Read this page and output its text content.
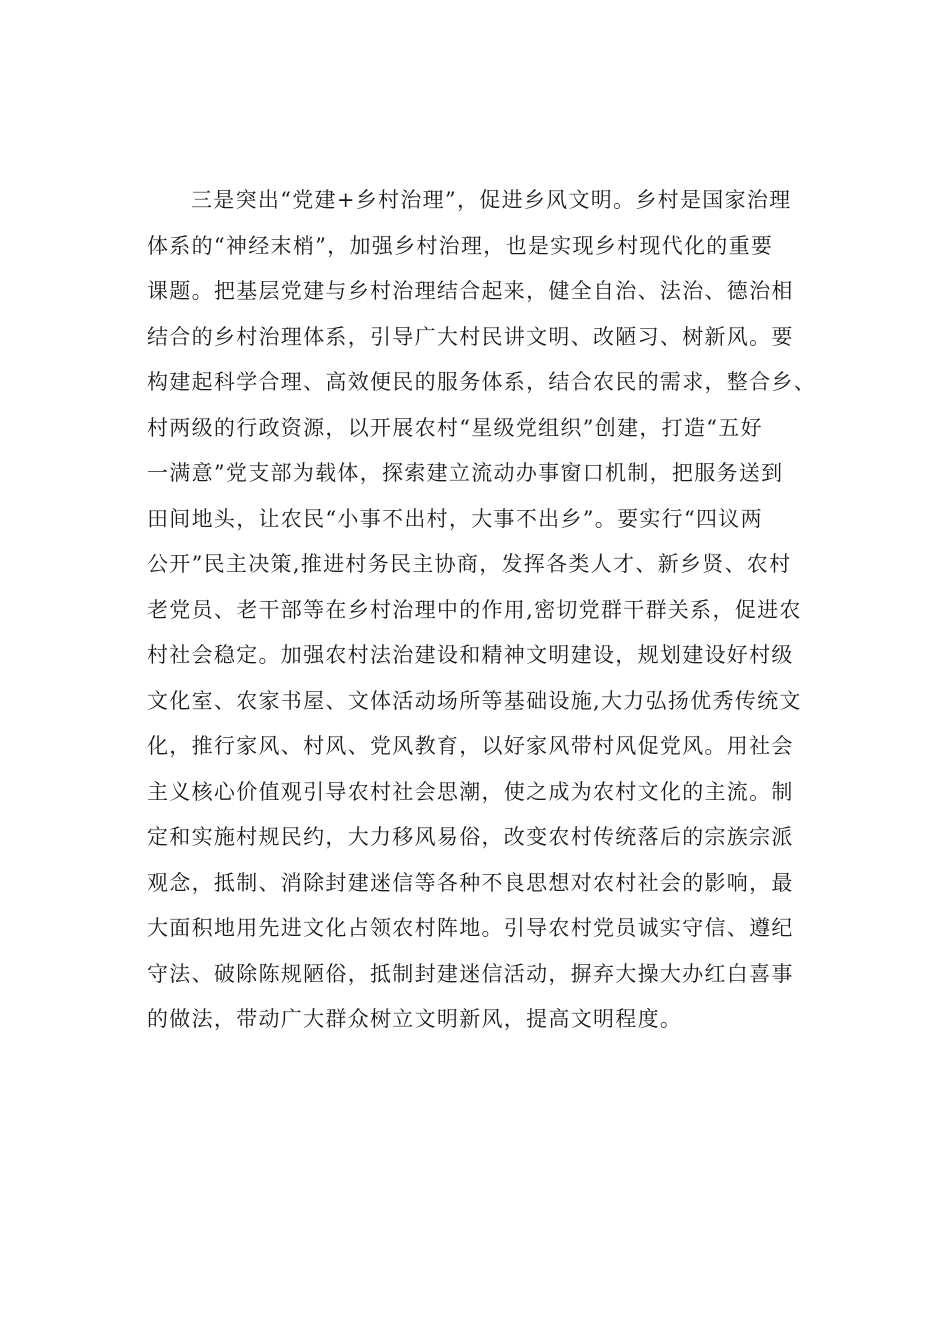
三是突出“党建+乡村治理”，促进乡风文明。乡村是国家治理
体系的“神经末梢”，加强乡村治理，也是实现乡村现代化的重要
课题。把基层党建与乡村治理结合起来，健全自治、法治、德治相
结合的乡村治理体系，引导广大村民讲文明、改陋习、树新风。要
构建起科学合理、高效便民的服务体系，结合农民的需求，整合乡、
村两级的行政资源，以开展农村“星级党组织”创建，打造“五好
一满意”党支部为载体，探索建立流动办事窗口机制，把服务送到
田间地头，让农民“小事不出村，大事不出乡”。要实行“四议两
公开”民主决策,推进村务民主协商，发挥各类人才、新乡贤、农村
老党员、老干部等在乡村治理中的作用,密切党群干群关系，促进农
村社会稳定。加强农村法治建设和精神文明建设，规划建设好村级
文化室、农家书屋、文体活动场所等基础设施,大力弘扬优秀传统文
化，推行家风、村风、党风教育，以好家风带村风促党风。用社会
主义核心价值观引导农村社会思潮，使之成为农村文化的主流。制
定和实施村规民约，大力移风易俗，改变农村传统落后的宗族宗派
观念，抵制、消除封建迷信等各种不良思想对农村社会的影响，最
大面积地用先进文化占领农村阵地。引导农村党员诚实守信、遵纪
守法、破除陈规陋俗，抵制封建迷信活动，摒弃大操大办红白喜事
的做法，带动广大群众树立文明新风，提高文明程度。
